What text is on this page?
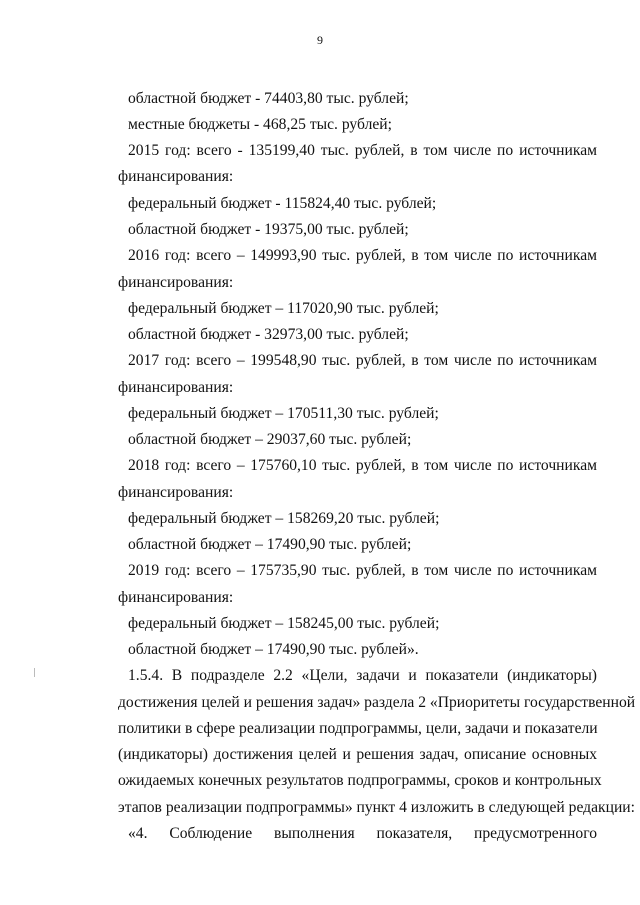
9
областной бюджет - 74403,80 тыс. рублей;
местные бюджеты - 468,25 тыс. рублей;
2015 год: всего - 135199,40 тыс. рублей, в том числе по источникам
финансирования:
федеральный бюджет - 115824,40 тыс. рублей;
областной бюджет - 19375,00 тыс. рублей;
2016 год: всего – 149993,90 тыс. рублей, в том числе по источникам
финансирования:
федеральный бюджет – 117020,90 тыс. рублей;
областной бюджет - 32973,00 тыс. рублей;
2017 год: всего – 199548,90 тыс. рублей, в том числе по источникам
финансирования:
федеральный бюджет – 170511,30 тыс. рублей;
областной бюджет – 29037,60 тыс. рублей;
2018 год: всего – 175760,10 тыс. рублей, в том числе по источникам
финансирования:
федеральный бюджет – 158269,20 тыс. рублей;
областной бюджет – 17490,90 тыс. рублей;
2019 год: всего – 175735,90 тыс. рублей, в том числе по источникам
финансирования:
федеральный бюджет – 158245,00 тыс. рублей;
областной бюджет – 17490,90 тыс. рублей».
1.5.4. В подразделе 2.2 «Цели, задачи и показатели (индикаторы)
достижения целей и решения задач» раздела 2 «Приоритеты государственной
политики в сфере реализации подпрограммы, цели, задачи и показатели
(индикаторы) достижения целей и решения задач, описание основных
ожидаемых конечных результатов подпрограммы, сроков и контрольных
этапов реализации подпрограммы» пункт 4 изложить в следующей редакции:
«4. Соблюдение выполнения показателя, предусмотренного
